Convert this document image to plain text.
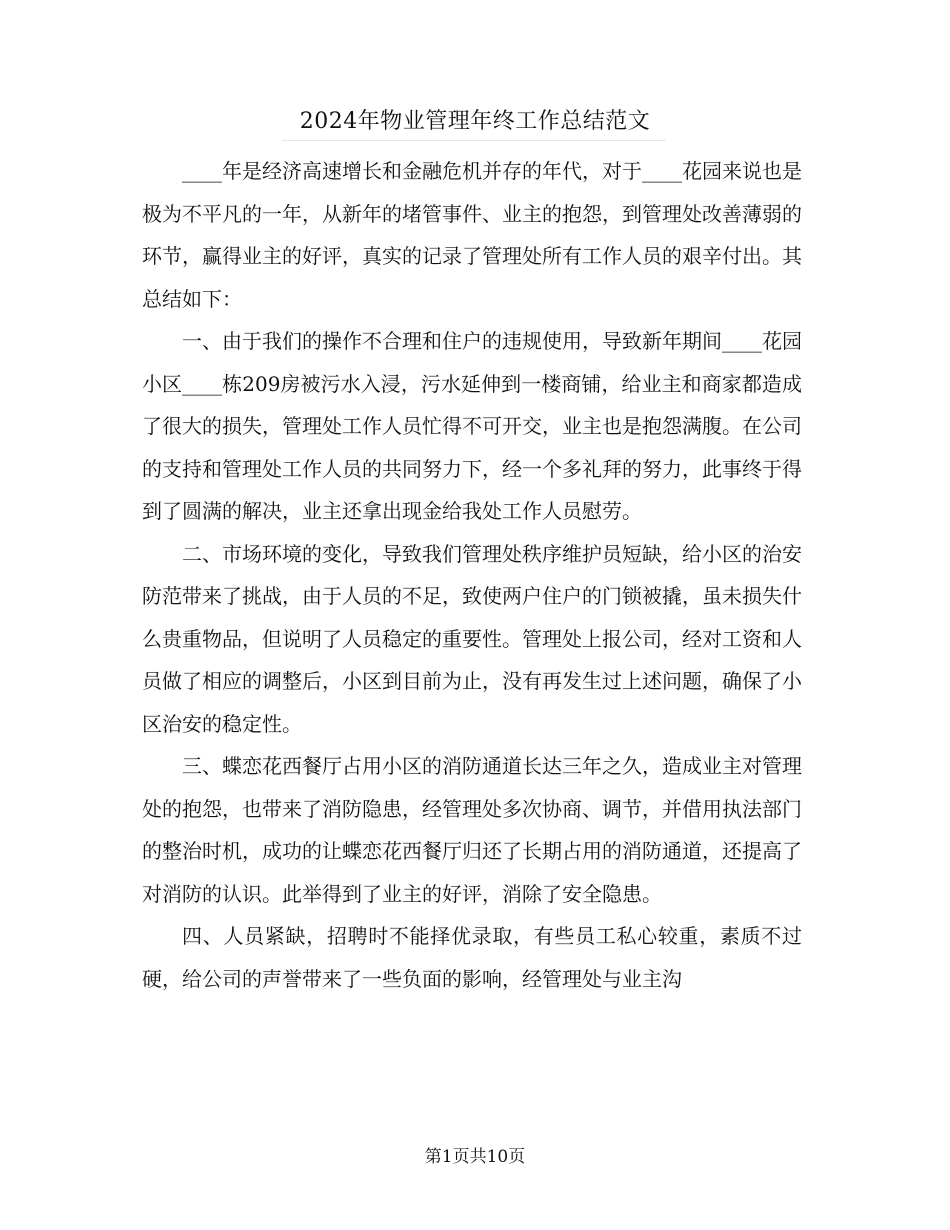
2024年物业管理年终工作总结范文

____年是经济高速增长和金融危机并存的年代，对于____花园来说也是极为不平凡的一年，从新年的堵管事件、业主的抱怨，到管理处改善薄弱的环节，赢得业主的好评，真实的记录了管理处所有工作人员的艰辛付出。其总结如下：

一、由于我们的操作不合理和住户的违规使用，导致新年期间____花园小区____栋209房被污水入浸，污水延伸到一楼商铺，给业主和商家都造成了很大的损失，管理处工作人员忙得不可开交，业主也是抱怨满腹。在公司的支持和管理处工作人员的共同努力下，经一个多礼拜的努力，此事终于得到了圆满的解决，业主还拿出现金给我处工作人员慰劳。

二、市场环境的变化，导致我们管理处秩序维护员短缺，给小区的治安防范带来了挑战，由于人员的不足，致使两户住户的门锁被撬，虽未损失什么贵重物品，但说明了人员稳定的重要性。管理处上报公司，经对工资和人员做了相应的调整后，小区到目前为止，没有再发生过上述问题，确保了小区治安的稳定性。

三、蝶恋花西餐厅占用小区的消防通道长达三年之久，造成业主对管理处的抱怨，也带来了消防隐患，经管理处多次协商、调节，并借用执法部门的整治时机，成功的让蝶恋花西餐厅归还了长期占用的消防通道，还提高了对消防的认识。此举得到了业主的好评，消除了安全隐患。

四、人员紧缺，招聘时不能择优录取，有些员工私心较重，素质不过硬，给公司的声誉带来了一些负面的影响，经管理处与业主沟

第1页共10页
